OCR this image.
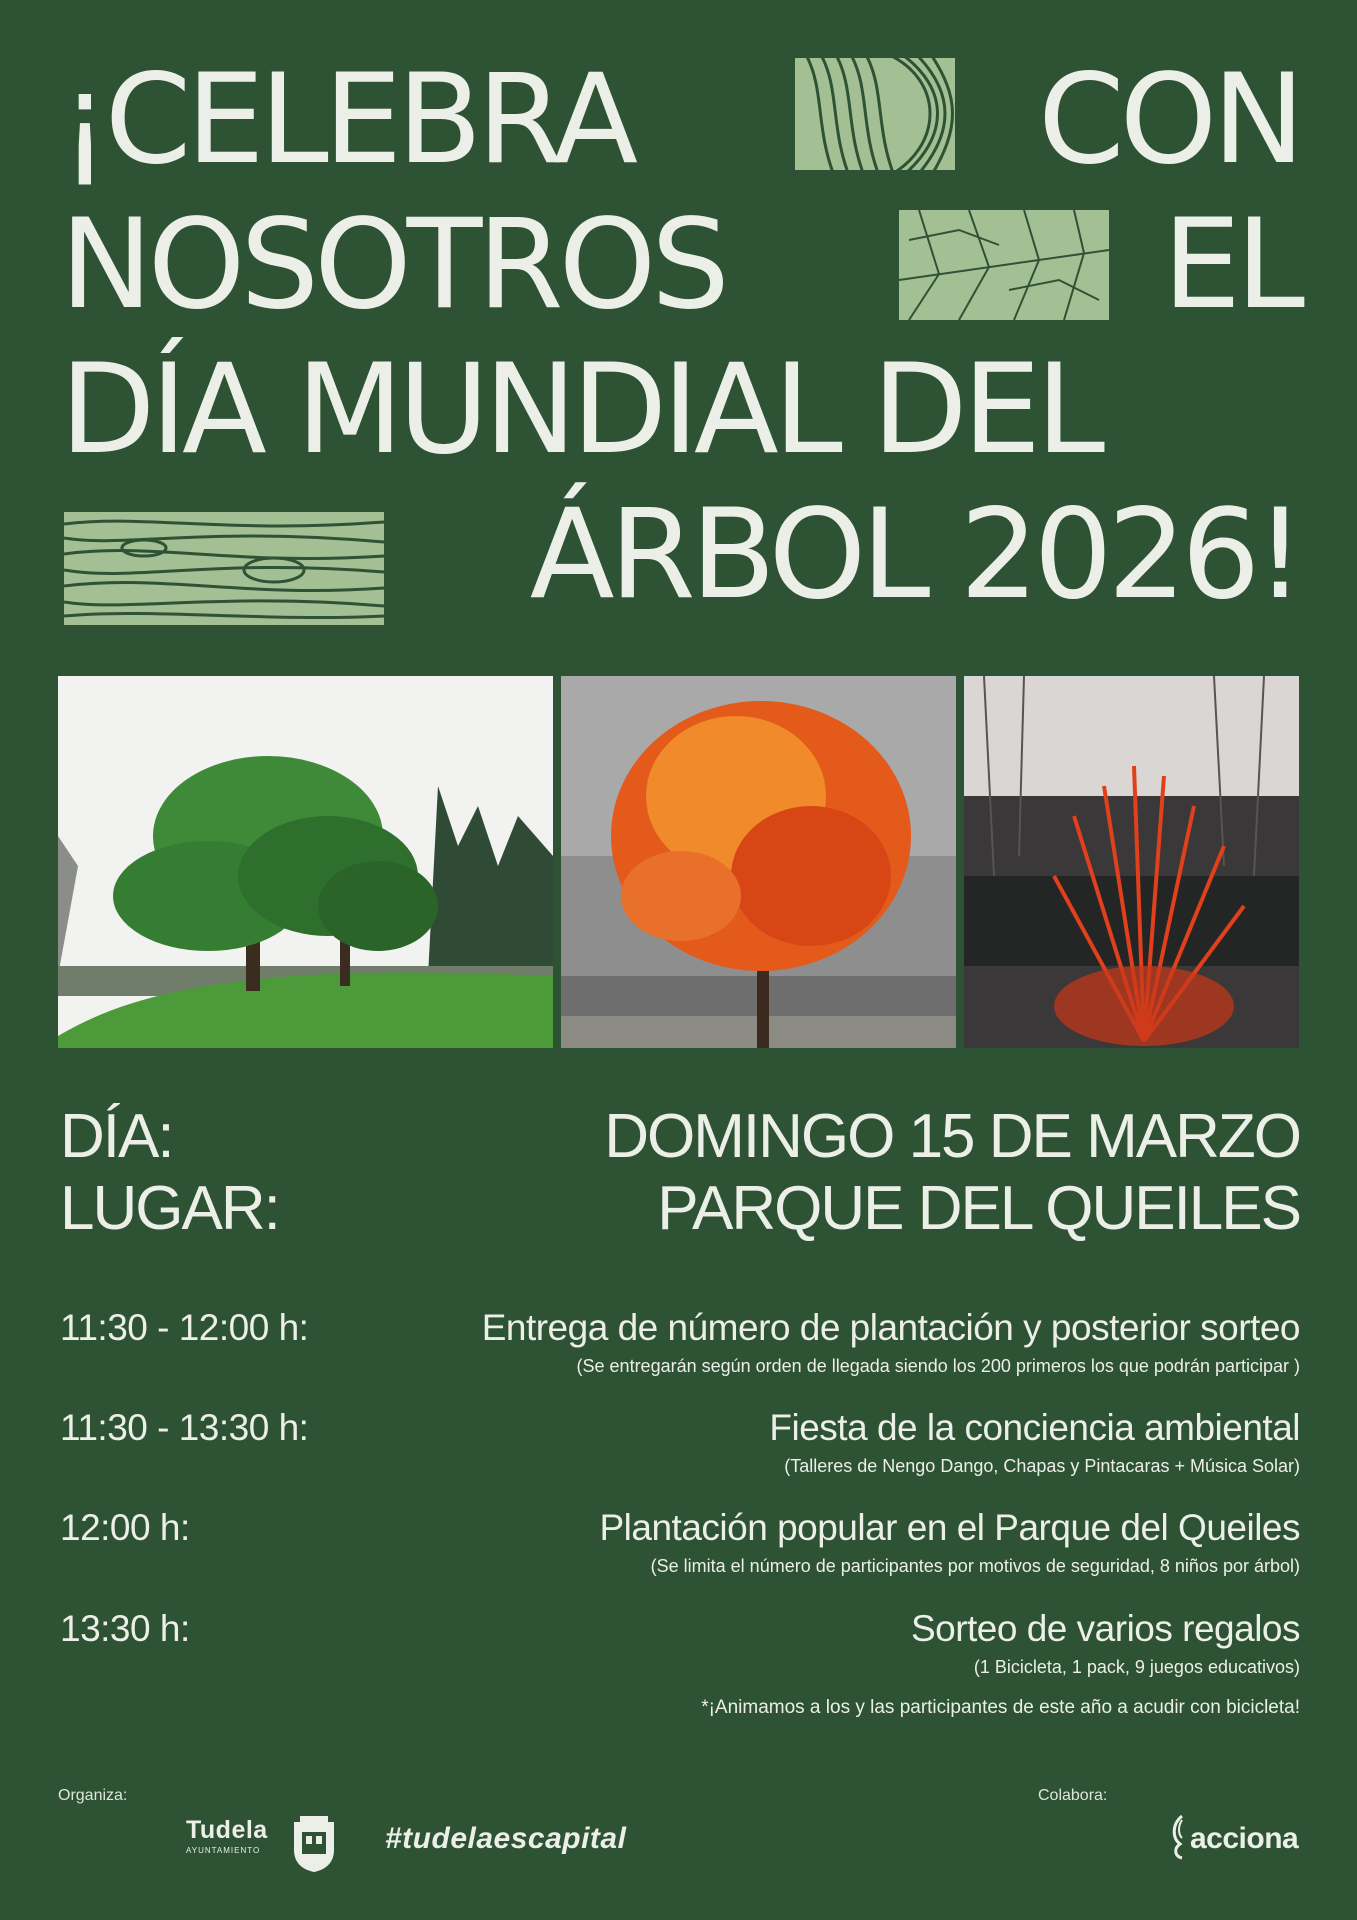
¡CELEBRA	CON
NOSOTROS	EL
DÍA MUNDIAL DEL
ÁRBOL 2026!
DÍA:	DOMINGO 15 DE MARZO
LUGAR:	PARQUE DEL QUEILES
11:30 - 12:00 h:	Entrega de número de plantación y posterior sorteo
(Se entregarán según orden de llegada siendo los 200 primeros los que podrán participar )
11:30 - 13:30 h:	Fiesta de la conciencia ambiental
(Talleres de Nengo Dango, Chapas y Pintacaras + Música Solar)
12:00 h:	Plantación popular en el Parque del Queiles
(Se limita el número de participantes por motivos de seguridad, 8 niños por árbol)
13:30 h:	Sorteo de varios regalos
(1 Bicicleta, 1 pack, 9 juegos educativos)
*¡Animamos a los y las participantes de este año a acudir con bicicleta!
Organiza:
Tudela
AYUNTAMIENTO	#tudelaescapital
Colabora:
acciona
